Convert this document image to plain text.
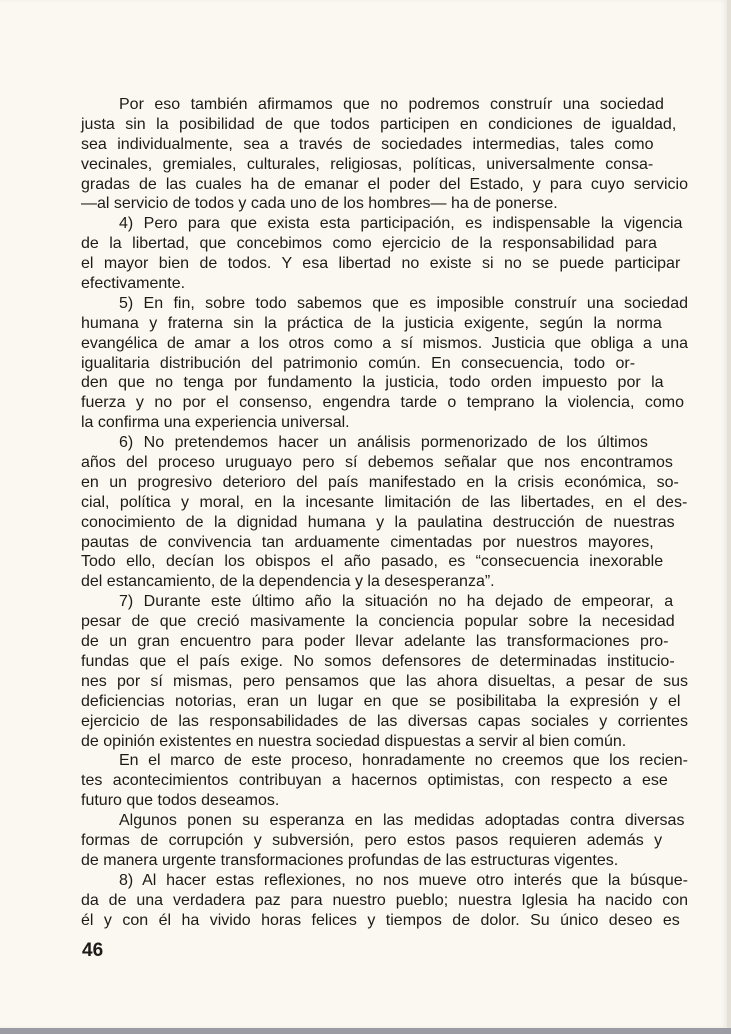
Por eso también afirmamos que no podremos construír una sociedad
justa sin la posibilidad de que todos participen en condiciones de igualdad,
sea individualmente, sea a través de sociedades intermedias, tales como
vecinales, gremiales, culturales, religiosas, políticas, universalmente consa-
gradas de las cuales ha de emanar el poder del Estado, y para cuyo servicio
—al servicio de todos y cada uno de los hombres— ha de ponerse.
4) Pero para que exista esta participación, es indispensable la vigencia
de la libertad, que concebimos como ejercicio de la responsabilidad para
el mayor bien de todos. Y esa libertad no existe si no se puede participar
efectivamente.
5) En fin, sobre todo sabemos que es imposible construír una sociedad
humana y fraterna sin la práctica de la justicia exigente, según la norma
evangélica de amar a los otros como a sí mismos. Justicia que obliga a una
igualitaria distribución del patrimonio común. En consecuencia, todo or-
den que no tenga por fundamento la justicia, todo orden impuesto por la
fuerza y no por el consenso, engendra tarde o temprano la violencia, como
la confirma una experiencia universal.
6) No pretendemos hacer un análisis pormenorizado de los últimos
años del proceso uruguayo pero sí debemos señalar que nos encontramos
en un progresivo deterioro del país manifestado en la crisis económica, so-
cial, política y moral, en la incesante limitación de las libertades, en el des-
conocimiento de la dignidad humana y la paulatina destrucción de nuestras
pautas de convivencia tan arduamente cimentadas por nuestros mayores,
Todo ello, decían los obispos el año pasado, es “consecuencia inexorable
del estancamiento, de la dependencia y la desesperanza”.
7) Durante este último año la situación no ha dejado de empeorar, a
pesar de que creció masivamente la conciencia popular sobre la necesidad
de un gran encuentro para poder llevar adelante las transformaciones pro-
fundas que el país exige. No somos defensores de determinadas institucio-
nes por sí mismas, pero pensamos que las ahora disueltas, a pesar de sus
deficiencias notorias, eran un lugar en que se posibilitaba la expresión y el
ejercicio de las responsabilidades de las diversas capas sociales y corrientes
de opinión existentes en nuestra sociedad dispuestas a servir al bien común.
En el marco de este proceso, honradamente no creemos que los recien-
tes acontecimientos contribuyan a hacernos optimistas, con respecto a ese
futuro que todos deseamos.
Algunos ponen su esperanza en las medidas adoptadas contra diversas
formas de corrupción y subversión, pero estos pasos requieren además y
de manera urgente transformaciones profundas de las estructuras vigentes.
8) Al hacer estas reflexiones, no nos mueve otro interés que la búsque-
da de una verdadera paz para nuestro pueblo; nuestra Iglesia ha nacido con
él y con él ha vivido horas felices y tiempos de dolor. Su único deseo es
46
